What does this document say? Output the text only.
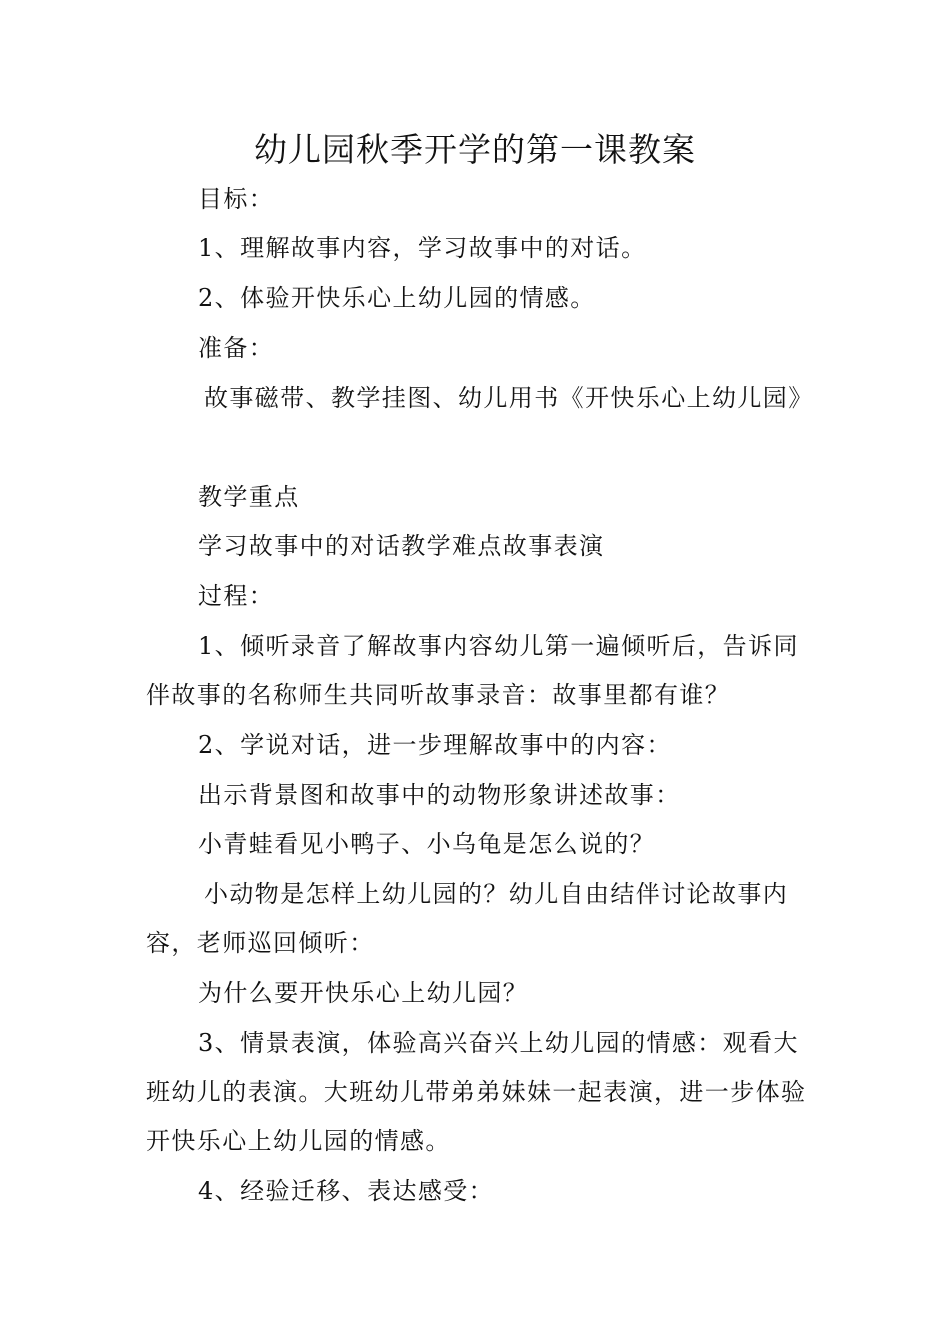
幼儿园秋季开学的第一课教案

目标：

1、理解故事内容，学习故事中的对话。

2、体验开快乐心上幼儿园的情感。

准备：

故事磁带、教学挂图、幼儿用书《开快乐心上幼儿园》

教学重点

学习故事中的对话教学难点故事表演

过程：

1、倾听录音了解故事内容幼儿第一遍倾听后，告诉同伴故事的名称师生共同听故事录音：故事里都有谁？

2、学说对话，进一步理解故事中的内容：

出示背景图和故事中的动物形象讲述故事：

小青蛙看见小鸭子、小乌龟是怎么说的？

小动物是怎样上幼儿园的？幼儿自由结伴讨论故事内容，老师巡回倾听：

为什么要开快乐心上幼儿园？

3、情景表演，体验高兴奋兴上幼儿园的情感：观看大班幼儿的表演。大班幼儿带弟弟妹妹一起表演，进一步体验开快乐心上幼儿园的情感。

4、经验迁移、表达感受：
